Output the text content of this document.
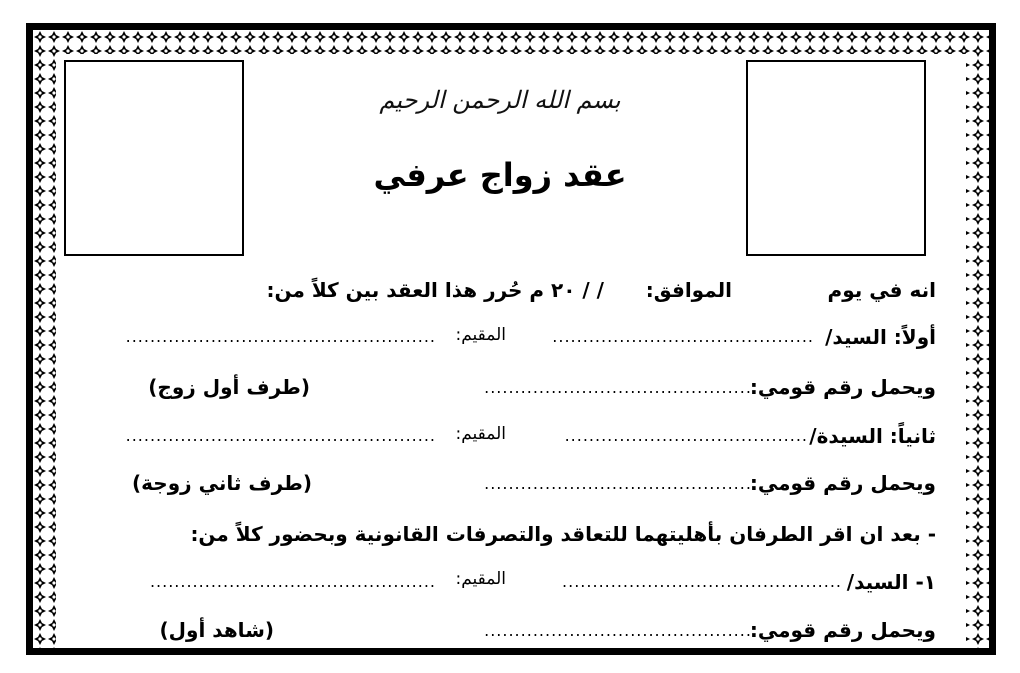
بسم الله الرحمن الرحيم
عقد زواج عرفي
انه في يوم
الموافق:
/ / ٢٠ م حُرر هذا العقد بين كلاً من:
أولاً: السيد/
...........................................
المقيم:
...................................................
ويحمل رقم قومي:
.............................................
(طرف أول زوج)
ثانياً: السيدة/
........................................
المقيم:
...................................................
ويحمل رقم قومي:
.............................................
(طرف ثاني زوجة)
- بعد ان اقر الطرفان بأهليتهما للتعاقد والتصرفات القانونية وبحضور كلاً من:
١- السيد/
..............................................
المقيم:
...............................................
ويحمل رقم قومي:
.............................................
(شاهد أول)
